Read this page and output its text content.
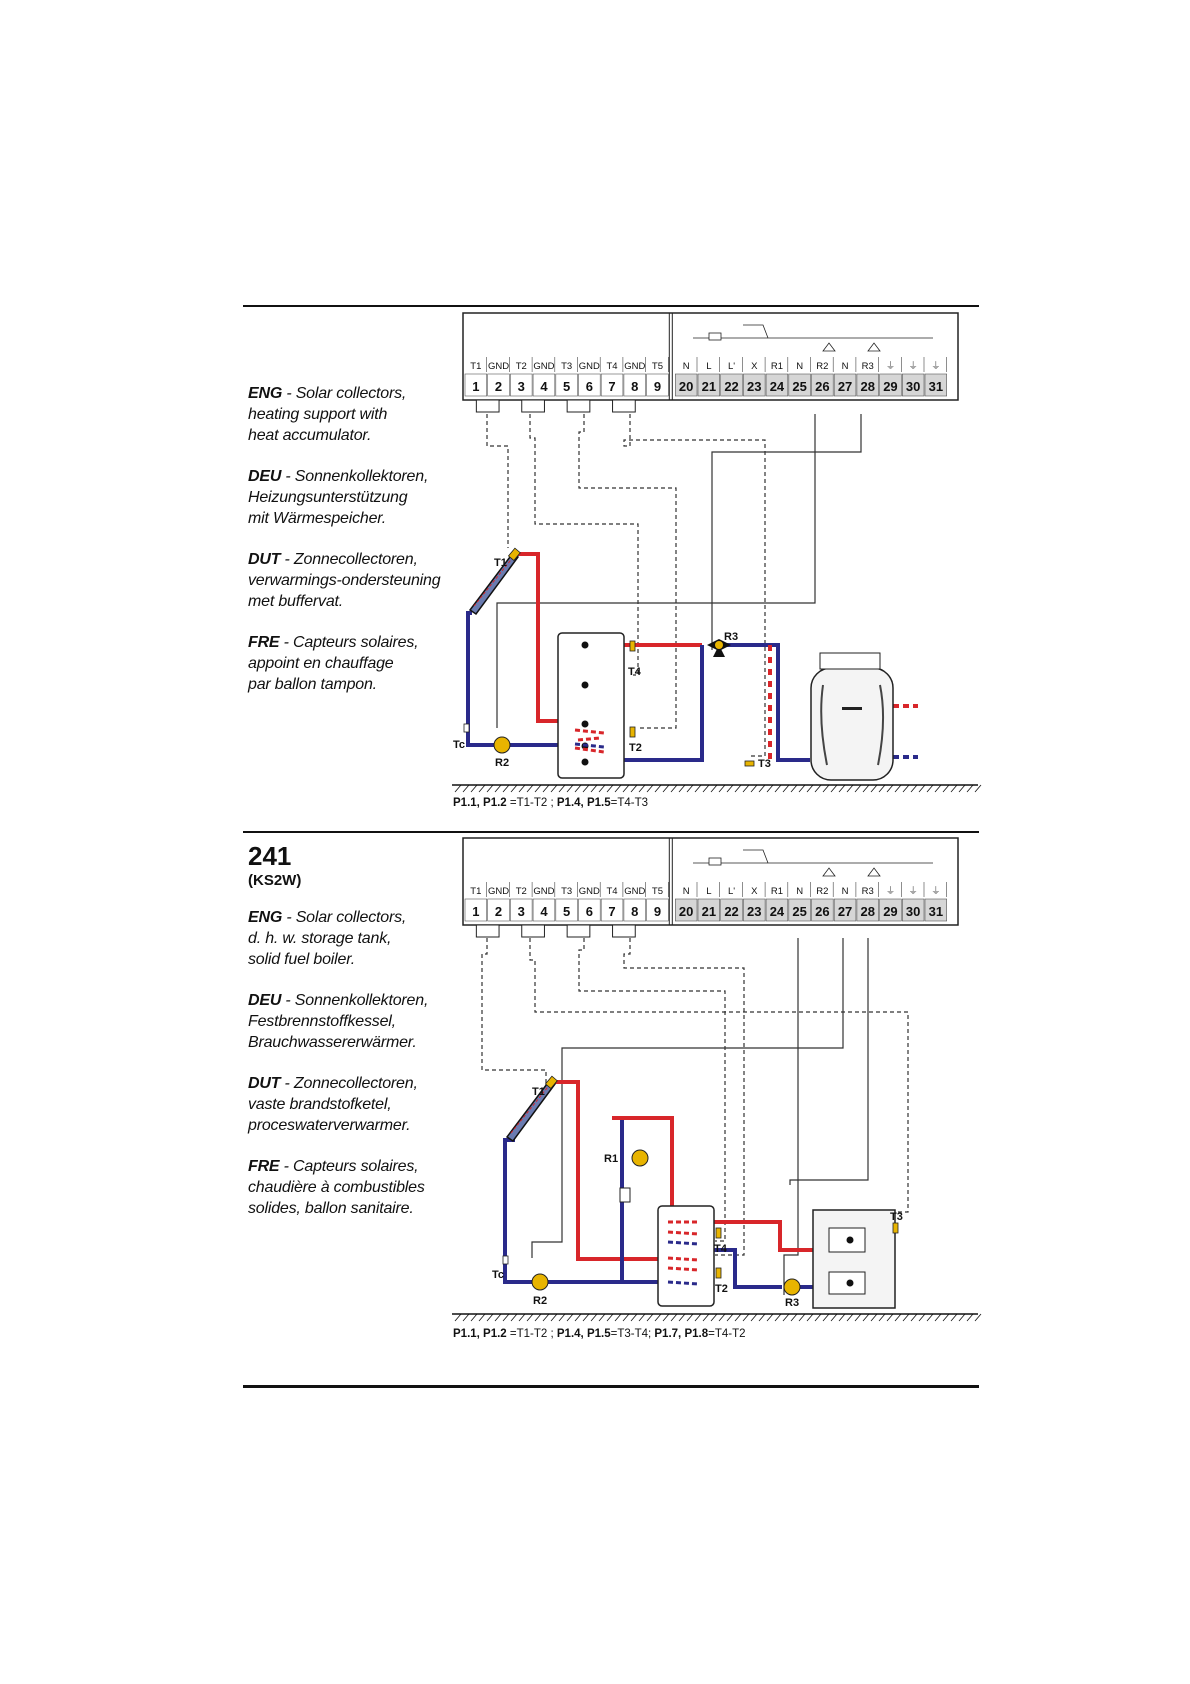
ENG - Solar collectors,
heating support with
heat accumulator.

DEU - Sonnenkollektoren,
Heizungsunterstützung
mit Wärmespeicher.

DUT - Zonnecollectoren,
verwarmings-ondersteuning
met buffervat.

FRE - Capteurs solaires,
appoint en chauffage
par ballon tampon.

1
T1
2
GND
3
T2
4
GND
5
T3
6
GND
7
T4
8
GND
9
T5
20
N
21
L
22
L'
23
X
24
R1
25
N
26
R2
27
N
28
R3
29
⏚
30
⏚
31
⏚
T1
T4
T2
T3
Tc
R2
R3
P1.1, P1.2 =T1-T2 ; P1.4, P1.5=T4-T3

241

(KS2W)

ENG - Solar collectors,
d. h. w. storage tank,
solid fuel boiler.

DEU - Sonnenkollektoren,
Festbrennstoffkessel,
Brauchwassererwärmer.

DUT - Zonnecollectoren,
vaste brandstofketel,
proceswaterverwarmer.

FRE - Capteurs solaires,
chaudière à combustibles
solides, ballon sanitaire.

1
T1
2
GND
3
T2
4
GND
5
T3
6
GND
7
T4
8
GND
9
T5
20
N
21
L
22
L'
23
X
24
R1
25
N
26
R2
27
N
28
R3
29
⏚
30
⏚
31
⏚
T1
R1
T4
T2
T3
Tc
R2	R3
P1.1, P1.2 =T1-T2 ; P1.4, P1.5=T3-T4; P1.7, P1.8=T4-T2
